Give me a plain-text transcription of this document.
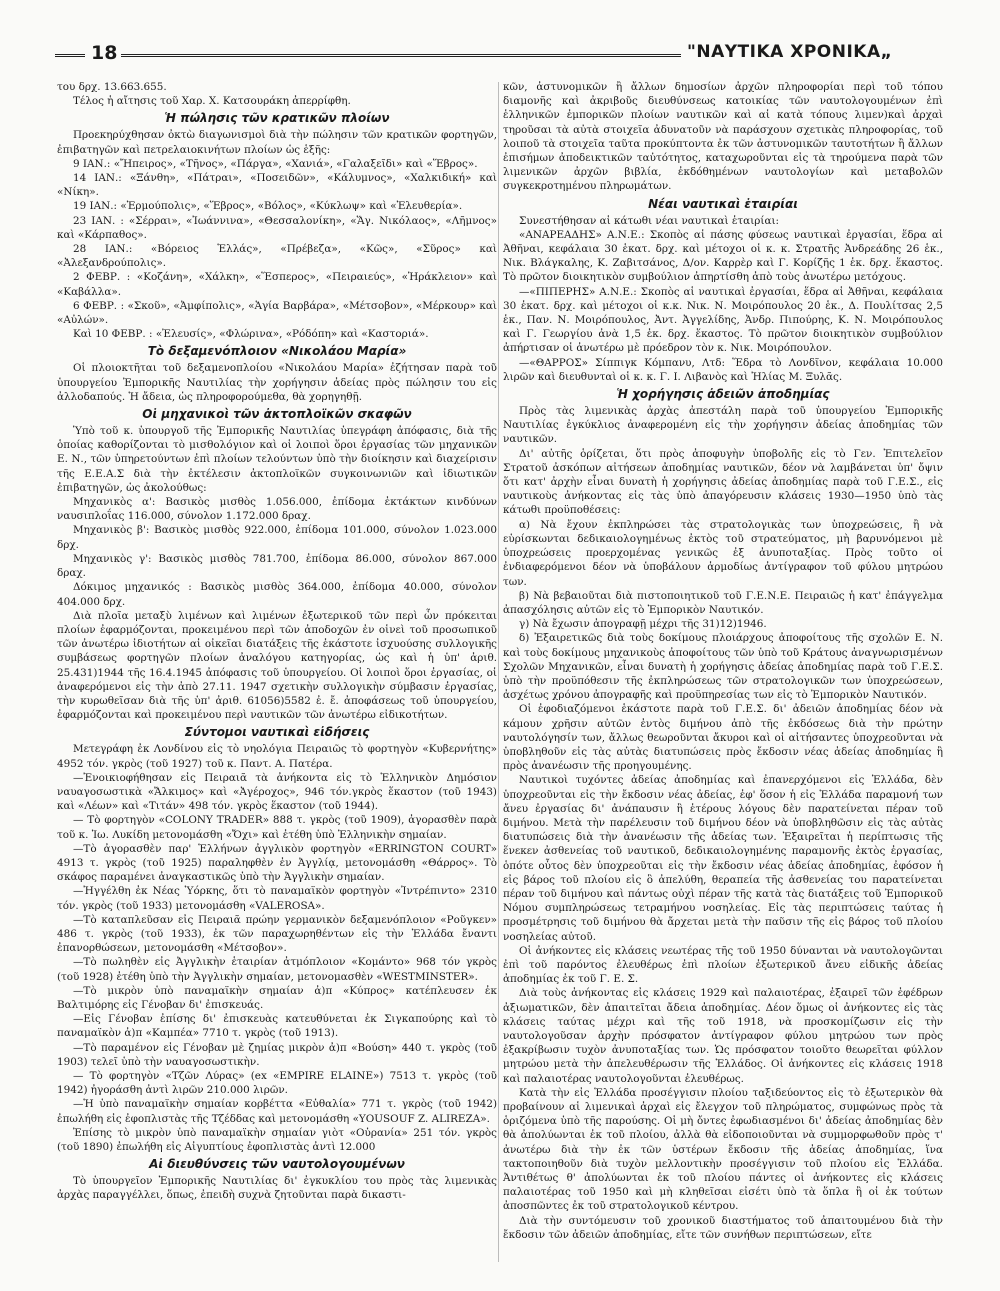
18	"ΝΑΥΤΙΚΑ ΧΡΟΝΙΚΑ„

του δρχ. 13.663.655.

Τέλος ἡ αἴτησις τοῦ Χαρ. Χ. Κατσουράκη ἀπερρίφθη.

Ἡ πώλησις τῶν κρατικῶν πλοίων

Προεκηρύχθησαν ὀκτὼ διαγωνισμοὶ διὰ τὴν πώλησιν τῶν κρατικῶν φορτηγῶν, ἐπιβατηγῶν καὶ πετρελαιοκινήτων πλοίων ὡς ἑξῆς:

9 ΙΑΝ.: «Ἤπειρος», «Τῆνος», «Πάργα», «Χανιά», «Γαλαξεῖδι» καὶ «Ἕβρος».

14 ΙΑΝ.: «Ξάνθη», «Πάτραι», «Ποσειδῶν», «Κάλυμνος», «Χαλκιδική» καὶ «Νίκη».

19 ΙΑΝ.: «Ἑρμούπολις», «Ἕβρος», «Βόλος», «Κύκλωψ» καὶ «Ἐλευθερία».

23 ΙΑΝ. : «Σέρραι», «Ἰωάννινα», «Θεσσαλονίκη», «Ἅγ. Νικόλαος», «Λῆμνος» καὶ «Κάρπαθος».

28 ΙΑΝ.: «Βόρειος Ἑλλάς», «Πρέβεζα», «Κῶς», «Σῦρος» καὶ «Ἀλεξανδρούπολις».

2 ΦΕΒΡ. : «Κοζάνη», «Χάλκη», «Ἕσπερος», «Πειραιεύς», «Ἡράκλειον» καὶ «Καβάλλα».

6 ΦΕΒΡ. : «Σκοῦ», «Ἀμφίπολις», «Ἁγία Βαρβάρα», «Μέτσοβον», «Μέρκουρ» καὶ «Αὐλών».

Καὶ 10 ΦΕΒΡ. : «Ἐλευσίς», «Φλώρινα», «Ρόδόπη» καὶ «Καστοριά».

Τὸ δεξαμενόπλοιον «Νικολάου Μαρία»

Οἱ πλοιοκτῆται τοῦ δεξαμενοπλοίου «Νικολάου Μαρία» ἐζήτησαν παρὰ τοῦ ὑπουργείου Ἐμπορικῆς Ναυτιλίας τὴν χορήγησιν ἀδείας πρὸς πώλησιν του εἰς ἀλλοδαπούς. Ἡ ἄδεια, ὡς πληροφορούμεθα, θὰ χορηγηθῇ.

Οἱ μηχανικοὶ τῶν ἀκτοπλοϊκῶν σκαφῶν

Ὑπὸ τοῦ κ. ὑπουργοῦ τῆς Ἐμπορικῆς Ναυτιλίας ὑπεγράφη ἀπόφασις, διὰ τῆς ὁποίας καθορίζονται τὸ μισθολόγιον καὶ οἱ λοιποὶ ὅροι ἐργασίας τῶν μηχανικῶν Ε. Ν., τῶν ὑπηρετούντων ἐπὶ πλοίων τελούντων ὑπὸ τὴν διοίκησιν καὶ διαχείρισιν τῆς Ε.Ε.Α.Σ διὰ τὴν ἐκτέλεσιν ἀκτοπλοϊκῶν συγκοινωνιῶν καὶ ἰδιωτικῶν ἐπιβατηγῶν, ὡς ἀκολούθως:

Μηχανικὸς α': Βασικὸς μισθὸς 1.056.000, ἐπίδομα ἐκτάκτων κινδύνων ναυσιπλοΐας 116.000, σύνολον 1.172.000 δραχ.

Μηχανικὸς β': Βασικὸς μισθὸς 922.000, ἐπίδομα 101.000, σύνολον 1.023.000 δρχ.

Μηχανικὸς γ': Βασικὸς μισθὸς 781.700, ἐπίδομα 86.000, σύνολον 867.000 δραχ.

Δόκιμος μηχανικός : Βασικὸς μισθὸς 364.000, ἐπίδομα 40.000, σύνολον 404.000 δρχ.

Διὰ πλοῖα μεταξὺ λιμένων καὶ λιμένων ἐξωτερικοῦ τῶν περὶ ὧν πρόκειται πλοίων ἐφαρμόζονται, προκειμένου περὶ τῶν ἀποδοχῶν ἐν οἱνεὶ τοῦ προσωπικοῦ τῶν ἀνωτέρω ἰδιοτήτων αἱ οἰκεῖαι διατάξεις τῆς ἑκάστοτε ἰσχυούσης συλλογικῆς συμβάσεως φορτηγῶν πλοίων ἀναλόγου κατηγορίας, ὡς καὶ ἡ ὑπ' ἀριθ. 25.431)1944 τῆς 16.4.1945 ἀπόφασις τοῦ ὑπουργείου. Οἱ λοιποὶ ὅροι ἐργασίας, οἱ ἀναφερόμενοι εἰς τὴν ἀπὸ 27.11. 1947 σχετικὴν συλλογικὴν σύμβασιν ἐργασίας, τὴν κυρωθεῖσαν διὰ τῆς ὑπ' ἀριθ. 61056)5582 ἐ. ἔ. ἀποφάσεως τοῦ ὑπουργείου, ἐφαρμόζονται καὶ προκειμένου περὶ ναυτικῶν τῶν ἀνωτέρω εἰδικοτήτων.

Σύντομοι ναυτικαὶ εἰδήσεις

Μετεγράφη ἐκ Λονδίνου εἰς τὸ νηολόγια Πειραιῶς τὸ φορτηγὸν «Κυβερνήτης» 4952 τόν. γκρὸς (τοῦ 1927) τοῦ κ. Παντ. Α. Πατέρα.

—Ἐνοικιοφήθησαν εἰς Πειραιᾶ τὰ ἀνήκοντα εἰς τὸ Ἑλληνικὸν Δημόσιον ναυαγοσωστικὰ «Ἄλκιμος» καὶ «Ἀγέροχος», 946 τόν.γκρὸς ἕκαστον (τοῦ 1943) καὶ «Λέων» καὶ «Τιτάν» 498 τόν. γκρὸς ἕκαστον (τοῦ 1944).

— Τὸ φορτηγὸν «COLONY TRADER» 888 τ. γκρὸς (τοῦ 1909), ἀγορασθὲν παρὰ τοῦ κ. Ἰω. Λυκίδη μετονομάσθη «Ὄχι» καὶ ἐτέθη ὑπὸ Ἑλληνικὴν σημαίαν.

—Τὸ ἀγορασθὲν παρ' Ἑλλήνων ἀγγλικὸν φορτηγὸν «ERRINGTON COURT» 4913 τ. γκρὸς (τοῦ 1925) παραληφθὲν ἐν Ἀγγλίᾳ, μετονομάσθη «Θάρρος». Τὸ σκάφος παραμένει ἀναγκαστικῶς ὑπὸ τὴν Ἀγγλικὴν σημαίαν.

—Ἠγγέλθη ἐκ Νέας Ὑόρκης, ὅτι τὸ παναμαϊκὸν φορτηγὸν «Ἰντρέπιντο» 2310 τόν. γκρὸς (τοῦ 1933) μετονομάσθη «VALEROSA».

—Τὸ καταπλεῦσαν εἰς Πειραιᾶ πρώην γερμανικὸν δεξαμενόπλοιον «Ροῦγκεν» 486 τ. γκρὸς (τοῦ 1933), ἐκ τῶν παραχωρηθέντων εἰς τὴν Ἑλλάδα ἔναντι ἐπανορθώσεων, μετονομάσθη «Μέτσοβον».

—Τὸ πωληθὲν εἰς Ἀγγλικὴν ἑταιρίαν ἀτμόπλοιον «Κομάντο» 968 τόν γκρὸς (τοῦ 1928) ἐτέθη ὑπὸ τὴν Ἀγγλικὴν σημαίαν, μετονομασθὲν «WESTMINSTER».

—Τὸ μικρὸν ὑπὸ παναμαϊκὴν σημαίαν ἀ)π «Κύπρος» κατέπλευσεν ἐκ Βαλτιμόρης εἰς Γένοβαν δι' ἐπισκευάς.

—Εἰς Γένοβαν ἐπίσης δι' ἐπισκευὰς κατευθύνεται ἐκ Σιγκαπούρης καὶ τὸ παναμαϊκὸν ἀ)π «Καμπέα» 7710 τ. γκρὸς (τοῦ 1913).

—Τὸ παραμένον εἰς Γένοβαν μὲ ζημίας μικρὸν ἀ)π «Βούση» 440 τ. γκρὸς (τοῦ 1903) τελεῖ ὑπὸ τὴν ναυαγοσωστικὴν.

— Τὸ φορτηγὸν «Τζῶν Λύρας» (ex «EMPIRE ELAINE») 7513 τ. γκρὸς (τοῦ 1942) ἠγοράσθη ἀντὶ λιρῶν 210.000 λιρῶν.

—Ἡ ὑπὸ παναμαϊκὴν σημαίαν κορβέττα «Εὐθαλία» 771 τ. γκρὸς (τοῦ 1942) ἐπωλήθη εἰς ἐφοπλιστὰς τῆς Τζέδδας καὶ μετονομάσθη «YOUSOUF Z. ALIREZA».

Ἐπίσης τὸ μικρὸν ὑπὸ παναμαϊκὴν σημαίαν γιὸτ «Οὐρανία» 251 τόν. γκρὸς (τοῦ 1890) ἐπωλήθη εἰς Αἰγυπτίους ἐφοπλιστὰς ἀντὶ 12.000

Αἱ διευθύνσεις τῶν ναυτολογουμένων

Τὸ ὑπουργεῖον Ἐμπορικῆς Ναυτιλίας δι' ἐγκυκλίου του πρὸς τὰς λιμενικὰς ἀρχὰς παραγγέλλει, ὅπως, ἐπειδὴ συχνὰ ζητοῦνται παρὰ δικαστι-

κῶν, ἀστυνομικῶν ἢ ἄλλων δημοσίων ἀρχῶν πληροφορίαι περὶ τοῦ τόπου διαμονῆς καὶ ἀκριβοῦς διευθύνσεως κατοικίας τῶν ναυτολογουμένων ἐπὶ ἑλληνικῶν ἐμπορικῶν πλοίων ναυτικῶν καὶ αἱ κατὰ τόπους λιμεν)καὶ ἀρχαὶ τηροῦσαι τὰ αὐτὰ στοιχεῖα ἀδυνατοῦν νὰ παράσχουν σχετικὰς πληροφορίας, τοῦ λοιποῦ τὰ στοιχεῖα ταῦτα προκύπτοντα ἐκ τῶν ἀστυνομικῶν ταυτοτήτων ἢ ἄλλων ἐπισήμων ἀποδεικτικῶν ταὐτότητος, καταχωροῦνται εἰς τὰ τηρούμενα παρὰ τῶν λιμενικῶν ἀρχῶν βιβλία, ἐκδόθημένων ναυτολογίων καὶ μεταβολῶν συγκεκροτημένου πληρωμάτων.

Νέαι ναυτικαὶ ἑταιρίαι

Συνεστήθησαν αἱ κάτωθι νέαι ναυτικαὶ ἑταιρίαι:

«ΑΝΑΡΕΑΔΗΣ» Α.Ν.Ε.: Σκοπὸς αἱ πάσης φύσεως ναυτικαὶ ἐργασίαι, ἕδρα αἱ Ἀθῆναι, κεφάλαια 30 ἑκατ. δρχ. καὶ μέτοχοι οἱ κ. κ. Στρατῆς Ἀνδρεάδης 26 ἑκ., Νικ. Βλάγκαλης, Κ. Ζαβιτσάνος, Δ/ον. Καρρὲρ καὶ Γ. Κορίζῆς 1 ἑκ. δρχ. ἕκαστος. Τὸ πρῶτον διοικητικὸν συμβούλιον ἀπηρτίσθη ἀπὸ τοὺς ἀνωτέρω μετόχους.

—«ΠΙΠΕΡΗΣ» Α.Ν.Ε.: Σκοπὸς αἱ ναυτικαὶ ἐργασίαι, ἕδρα αἱ Ἀθῆναι, κεφάλαια 30 ἑκατ. δρχ. καὶ μέτοχοι οἱ κ.κ. Νικ. Ν. Μοιρόπουλος 20 ἑκ., Δ. Πουλίτσας 2,5 ἑκ., Παν. Ν. Μοιρόπουλος, Ἀντ. Ἀγγελίδης, Ἀνδρ. Πιπούρης, Κ. Ν. Μοιρόπουλος καὶ Γ. Γεωργίου ἀνὰ 1,5 ἑκ. δρχ. ἕκαστος. Τὸ πρῶτον διοικητικὸν συμβούλιον ἀπήρτισαν οἱ ἀνωτέρω μὲ πρόεδρον τὸν κ. Νικ. Μοιρόπουλον.

—«ΘΑΡΡΟΣ» Σίππιγκ Κόμπανυ, Λτδ: Ἕδρα τὸ Λονδῖνον, κεφάλαια 10.000 λιρῶν καὶ διευθυνταὶ οἱ κ. κ. Γ. Ι. Λιβανὸς καὶ Ἠλίας Μ. Ξυλᾶς.

Ἡ χορήγησις ἀδειῶν ἀποδημίας

Πρὸς τὰς λιμενικὰς ἀρχὰς ἀπεστάλη παρὰ τοῦ ὑπουργείου Ἐμπορικῆς Ναυτιλίας ἐγκύκλιος ἀναφερομένη εἰς τὴν χορήγησιν ἀδείας ἀποδημίας τῶν ναυτικῶν.

Δι' αὐτῆς ὁρίζεται, ὅτι πρὸς ἀποφυγὴν ὑποβολῆς εἰς τὸ Γεν. Ἐπιτελεῖον Στρατοῦ ἀσκόπων αἰτήσεων ἀποδημίας ναυτικῶν, δέον νὰ λαμβάνεται ὑπ' ὄψιν ὅτι κατ' ἀρχὴν εἶναι δυνατὴ ἡ χορήγησις ἀδείας ἀποδημίας παρὰ τοῦ Γ.Ε.Σ., εἰς ναυτικοὺς ἀνήκοντας εἰς τὰς ὑπὸ ἀπαγόρευσιν κλάσεις 1930—1950 ὑπὸ τὰς κάτωθι προϋποθέσεις:

α) Νὰ ἔχουν ἐκπληρώσει τὰς στρατολογικὰς των ὑποχρεώσεις, ἢ νὰ εὑρίσκωνται δεδικαιολογημένως ἐκτὸς τοῦ στρατεύματος, μὴ βαρυνόμενοι μὲ ὑποχρεώσεις προερχομένας γενικῶς ἐξ ἀνυποταξίας. Πρὸς τοῦτο οἱ ἐνδιαφερόμενοι δέον νὰ ὑποβάλουν ἁρμοδίως ἀντίγραφον τοῦ φύλου μητρώου των.

β) Νὰ βεβαιοῦται διὰ πιστοποιητικοῦ τοῦ Γ.Ε.Ν.Ε. Πειραιῶς ἡ κατ' ἐπάγγελμα ἀπασχόλησις αὐτῶν εἰς τὸ Ἐμπορικὸν Ναυτικόν.

γ) Νὰ ἔχωσιν ἀπογραφῇ μέχρι τῆς 31)12)1946.

δ) Ἐξαιρετικῶς διὰ τοὺς δοκίμους πλοιάρχους ἀποφοίτους τῆς σχολῶν Ε. Ν. καὶ τοὺς δοκίμους μηχανικοὺς ἀποφοίτους τῶν ὑπὸ τοῦ Κράτους ἀναγνωρισμένων Σχολῶν Μηχανικῶν, εἶναι δυνατὴ ἡ χορήγησις ἀδείας ἀποδημίας παρὰ τοῦ Γ.Ε.Σ. ὑπὸ τὴν προϋπόθεσιν τῆς ἐκπληρώσεως τῶν στρατολογικῶν των ὑποχρεώσεων, ἀσχέτως χρόνου ἀπογραφῆς καὶ προϋπηρεσίας των εἰς τὸ Ἐμπορικὸν Ναυτικόν.

Οἱ ἐφοδιαζόμενοι ἑκάστοτε παρὰ τοῦ Γ.Ε.Σ. δι' ἀδειῶν ἀποδημίας δέον νὰ κάμουν χρῆσιν αὐτῶν ἐντὸς διμήνου ἀπὸ τῆς ἐκδόσεως διὰ τὴν πρώτην ναυτολόγησίν των, ἄλλως θεωροῦνται ἄκυροι καὶ οἱ αἰτήσαντες ὑποχρεοῦνται νὰ ὑποβληθοῦν εἰς τὰς αὐτὰς διατυπώσεις πρὸς ἔκδοσιν νέας ἀδείας ἀποδημίας ἢ πρὸς ἀνανέωσιν τῆς προηγουμένης.

Ναυτικοὶ τυχόντες ἀδείας ἀποδημίας καὶ ἐπανερχόμενοι εἰς Ἑλλάδα, δὲν ὑποχρεοῦνται εἰς τὴν ἔκδοσιν νέας ἀδείας, ἐφ' ὅσον ἡ εἰς Ἑλλάδα παραμονή των ἄνευ ἐργασίας δι' ἀνάπαυσιν ἢ ἑτέρους λόγους δὲν παρατείνεται πέραν τοῦ διμήνου. Μετὰ τὴν παρέλευσιν τοῦ διμήνου δέον νὰ ὑποβληθῶσιν εἰς τὰς αὐτὰς διατυπώσεις διὰ τὴν ἀνανέωσιν τῆς ἀδείας των. Ἐξαιρεῖται ἡ περίπτωσις τῆς ἕνεκεν ἀσθενείας τοῦ ναυτικοῦ, δεδικαιολογημένης παραμονῆς ἐκτὸς ἐργασίας, ὁπότε οὗτος δὲν ὑποχρεοῦται εἰς τὴν ἔκδοσιν νέας ἀδείας ἀποδημίας, ἐφόσον ἡ εἰς βάρος τοῦ πλοίου εἰς ὃ ἀπελύθη, θεραπεία τῆς ἀσθενείας του παρατείνεται πέραν τοῦ διμήνου καὶ πάντως οὐχὶ πέραν τῆς κατὰ τὰς διατάξεις τοῦ Ἐμπορικοῦ Νόμου συμπληρώσεως τετραμήνου νοσηλείας. Εἰς τὰς περιπτώσεις ταύτας ἡ προσμέτρησις τοῦ διμήνου θὰ ἄρχεται μετὰ τὴν παῦσιν τῆς εἰς βάρος τοῦ πλοίου νοσηλείας αὐτοῦ.

Οἱ ἀνήκοντες εἰς κλάσεις νεωτέρας τῆς τοῦ 1950 δύνανται νὰ ναυτολογῶνται ἐπὶ τοῦ παρόντος ἐλευθέρως ἐπὶ πλοίων ἐξωτερικοῦ ἄνευ εἰδικῆς ἀδείας ἀποδημίας ἐκ τοῦ Γ. Ε. Σ.

Διὰ τοὺς ἀνήκοντας εἰς κλάσεις 1929 καὶ παλαιοτέρας, ἐξαιρεῖ τῶν ἐφέδρων ἀξιωματικῶν, δὲν ἀπαιτεῖται ἄδεια ἀποδημίας. Δέον ὅμως οἱ ἀνήκοντες εἰς τὰς κλάσεις ταύτας μέχρι καὶ τῆς τοῦ 1918, νὰ προσκομίζωσιν εἰς τὴν ναυτολογοῦσαν ἀρχὴν πρόσφατον ἀντίγραφον φύλου μητρώου των πρὸς ἐξακρίβωσιν τυχὸν ἀνυποταξίας των. Ὡς πρόσφατον τοιοῦτο θεωρεῖται φύλλον μητρώου μετὰ τὴν ἀπελευθέρωσιν τῆς Ἑλλάδος. Οἱ ἀνήκοντες εἰς κλάσεις 1918 καὶ παλαιοτέρας ναυτολογοῦνται ἐλευθέρως.

Κατὰ τὴν εἰς Ἑλλάδα προσέγγισιν πλοίου ταξιδεύοντος εἰς τὸ ἐξωτερικὸν θὰ προβαίνουν αἱ λιμενικαὶ ἀρχαὶ εἰς ἔλεγχον τοῦ πληρώματος, συμφώνως πρὸς τὰ ὁριζόμενα ὑπὸ τῆς παρούσης. Οἱ μὴ ὄντες ἐφωδιασμένοι δι' ἀδείας ἀποδημίας δὲν θὰ ἀπολύωνται ἐκ τοῦ πλοίου, ἀλλὰ θὰ εἰδοποιοῦνται νὰ συμμορφωθοῦν πρὸς τ' ἀνωτέρω διὰ τὴν ἐκ τῶν ὑστέρων ἔκδοσιν τῆς ἀδείας ἀποδημίας, ἵνα τακτοποιηθοῦν διὰ τυχὸν μελλοντικὴν προσέγγισιν τοῦ πλοίου εἰς Ἑλλάδα. Ἀντιθέτως θ' ἀπολύωνται ἐκ τοῦ πλοίου πάντες οἱ ἀνήκοντες εἰς κλάσεις παλαιοτέρας τοῦ 1950 καὶ μὴ κληθεῖσαι εἰσέτι ὑπὸ τὰ ὅπλα ἢ οἱ ἐκ τούτων ἀποσπῶντες ἐκ τοῦ στρατολογικοῦ κέντρου.

Διὰ τὴν συντόμευσιν τοῦ χρονικοῦ διαστήματος τοῦ ἀπαιτουμένου διὰ τὴν ἔκδοσιν τῶν ἀδειῶν ἀποδημίας, εἴτε τῶν συνήθων περιπτώσεων, εἴτε
